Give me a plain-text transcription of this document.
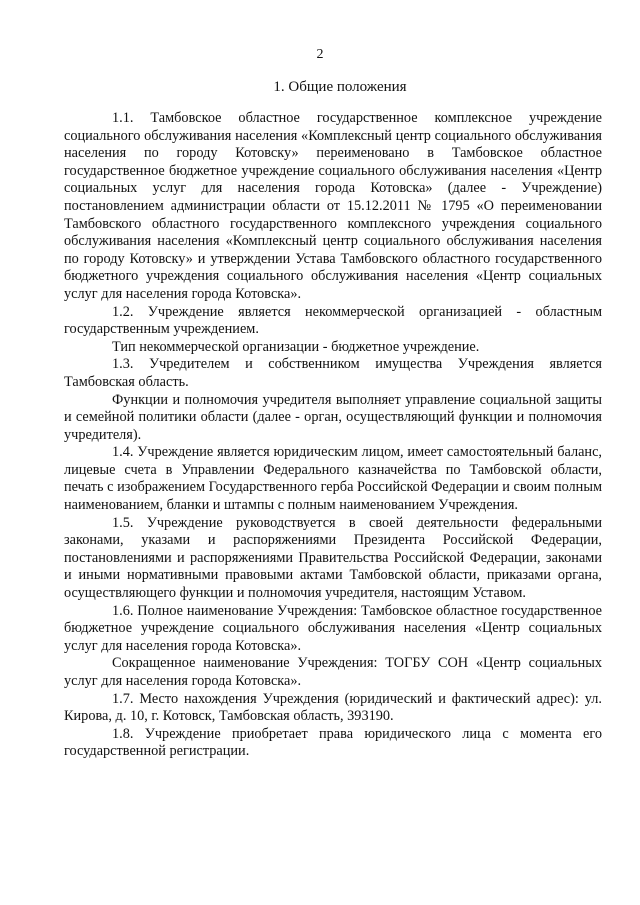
2
1. Общие положения

1.1. Тамбовское областное государственное комплексное учреждение социального обслуживания населения «Комплексный центр социального обслуживания населения по городу Котовску» переименовано в Тамбовское областное государственное бюджетное учреждение социального обслуживания населения «Центр социальных услуг для населения города Котовска» (далее - Учреждение) постановлением администрации области от 15.12.2011 № 1795 «О переименовании Тамбовского областного государственного комплексного учреждения социального обслуживания населения «Комплексный центр социального обслуживания населения по городу Котовску» и утверждении Устава Тамбовского областного государственного бюджетного учреждения социального обслуживания населения «Центр социальных услуг для населения города Котовска».

1.2. Учреждение является некоммерческой организацией - областным государственным учреждением.

Тип некоммерческой организации - бюджетное учреждение.

1.3. Учредителем и собственником имущества Учреждения является Тамбовская область.

Функции и полномочия учредителя выполняет управление социальной защиты и семейной политики области (далее - орган, осуществляющий функции и полномочия учредителя).

1.4. Учреждение является юридическим лицом, имеет самостоятельный баланс, лицевые счета в Управлении Федерального казначейства по Тамбовской области, печать с изображением Государственного герба Российской Федерации и своим полным наименованием, бланки и штампы с полным наименованием Учреждения.

1.5. Учреждение руководствуется в своей деятельности федеральными законами, указами и распоряжениями Президента Российской Федерации, постановлениями и распоряжениями Правительства Российской Федерации, законами и иными нормативными правовыми актами Тамбовской области, приказами органа, осуществляющего функции и полномочия учредителя, настоящим Уставом.

1.6. Полное наименование Учреждения: Тамбовское областное государственное бюджетное учреждение социального обслуживания населения «Центр социальных услуг для населения города Котовска».

Сокращенное наименование Учреждения: ТОГБУ СОН «Центр социальных услуг для населения города Котовска».

1.7. Место нахождения Учреждения (юридический и фактический адрес): ул. Кирова, д. 10, г. Котовск, Тамбовская область, 393190.

1.8. Учреждение приобретает права юридического лица с момента его государственной регистрации.
